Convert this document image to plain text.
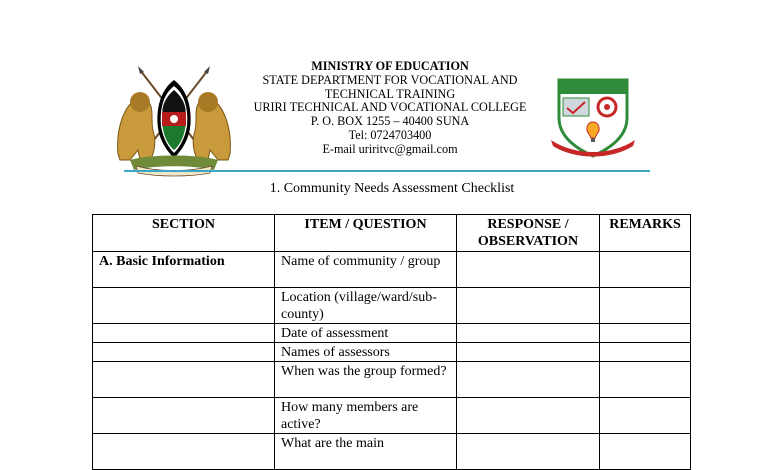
MINISTRY OF EDUCATION
STATE DEPARTMENT FOR VOCATIONAL AND
TECHNICAL TRAINING
URIRI TECHNICAL AND VOCATIONAL COLLEGE
P. O. BOX 1255 – 40400 SUNA
Tel: 0724703400
E-mail uriritvc@gmail.com
1. Community Needs Assessment Checklist
SECTION	ITEM / QUESTION	RESPONSE / OBSERVATION	REMARKS
A. Basic Information	Name of community / group		
	Location (village/ward/sub-county)		
	Date of assessment		
	Names of assessors		
	When was the group formed?		
	How many members are active?		
	What are the main		
